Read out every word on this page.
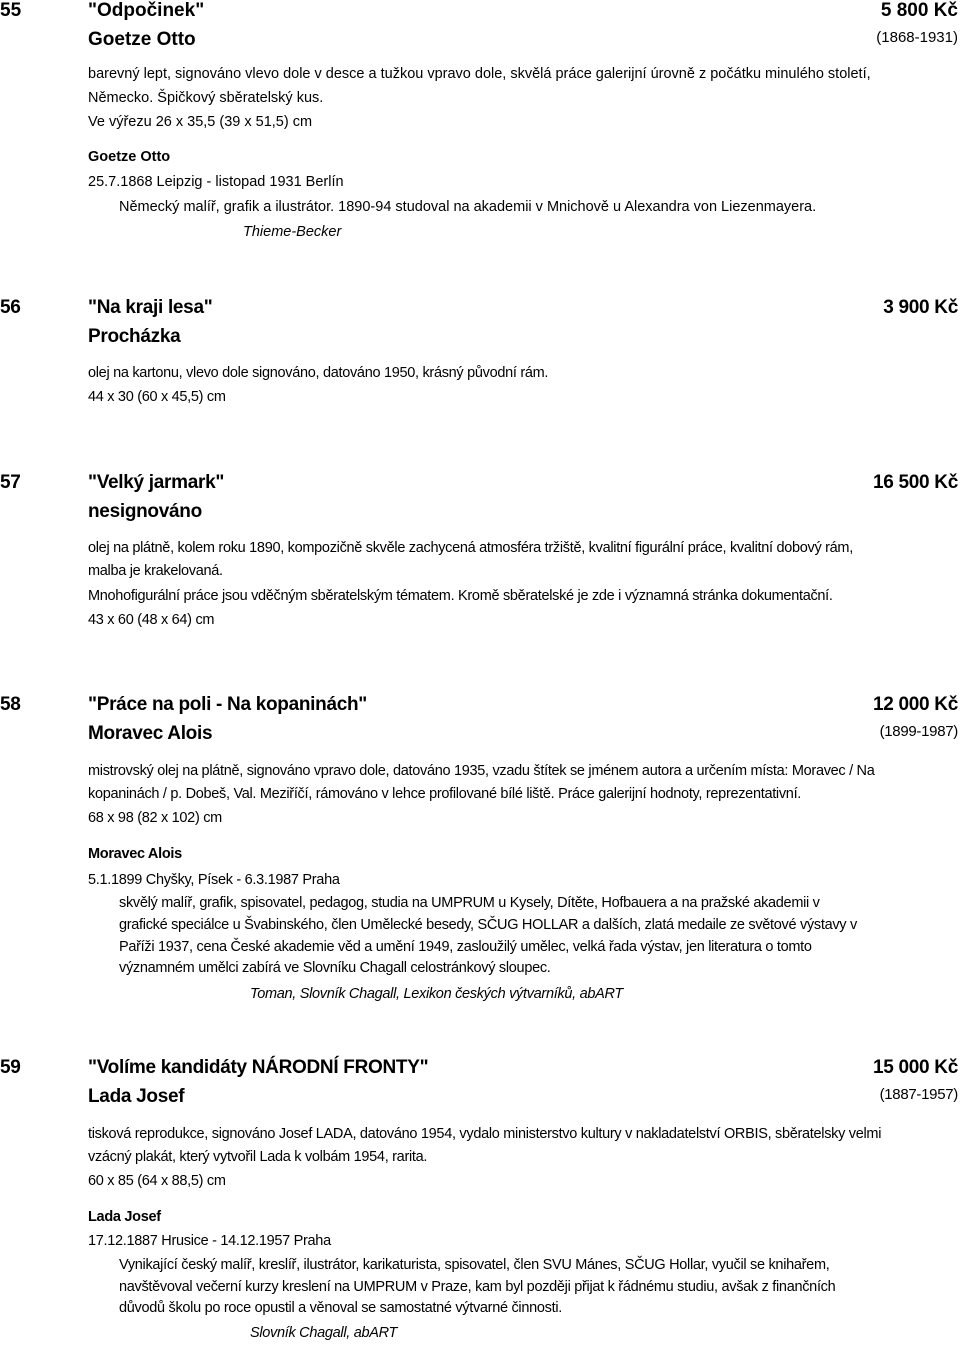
55	"Odpočinek"
Goetze Otto
5 800 Kč
(1868-1931)
barevný lept, signováno vlevo dole v desce a tužkou vpravo dole, skvělá práce galerijní úrovně z počátku minulého století,
Německo. Špičkový sběratelský kus.
Ve výřezu 26 x 35,5 (39 x 51,5) cm
Goetze Otto
25.7.1868 Leipzig - listopad 1931 Berlín
Německý malíř, grafik a ilustrátor. 1890-94 studoval na akademii v Mnichově u Alexandra von Liezenmayera.
Thieme-Becker
56	"Na kraji lesa"
Procházka
3 900 Kč
olej na kartonu, vlevo dole signováno, datováno 1950, krásný původní rám.
44 x 30 (60 x 45,5) cm
57	"Velký jarmark"
nesignováno
16 500 Kč
olej na plátně, kolem roku 1890, kompozičně skvěle zachycená atmosféra tržiště, kvalitní figurální práce, kvalitní dobový rám,
malba je krakelovaná.
Mnohofigurální práce jsou vděčným sběratelským tématem. Kromě sběratelské je zde i významná stránka dokumentační.
43 x 60 (48 x 64) cm
58	"Práce na poli - Na kopaninách"
Moravec Alois
12 000 Kč
(1899-1987)
mistrovský olej na plátně, signováno vpravo dole, datováno 1935, vzadu štítek se jménem autora a určením místa: Moravec / Na
kopaninách / p. Dobeš, Val. Meziříčí, rámováno v lehce profilované bílé liště. Práce galerijní hodnoty, reprezentativní.
68 x 98 (82 x 102) cm
Moravec Alois
5.1.1899 Chyšky, Písek - 6.3.1987 Praha
skvělý malíř, grafik, spisovatel, pedagog, studia na UMPRUM u Kysely, Dítěte, Hofbauera a na pražské akademii v
grafické speciálce u Švabinského, člen Umělecké besedy, SČUG HOLLAR a dalších, zlatá medaile ze světové výstavy v
Paříži 1937, cena České akademie věd a umění 1949, zasloužilý umělec, velká řada výstav, jen literatura o tomto
významném umělci zabírá ve Slovníku Chagall celostránkový sloupec.
Toman, Slovník Chagall, Lexikon českých výtvarníků, abART
59	"Volíme kandidáty NÁRODNÍ FRONTY"
Lada Josef
15 000 Kč
(1887-1957)
tisková reprodukce, signováno Josef LADA, datováno 1954, vydalo ministerstvo kultury v nakladatelství ORBIS, sběratelsky velmi
vzácný plakát, který vytvořil Lada k volbám 1954, rarita.
60 x 85 (64 x 88,5) cm
Lada Josef
17.12.1887 Hrusice - 14.12.1957 Praha
Vynikající český malíř, kreslíř, ilustrátor, karikaturista, spisovatel, člen SVU Mánes, SČUG Hollar, vyučil se knihařem,
navštěvoval večerní kurzy kreslení na UMPRUM v Praze, kam byl později přijat k řádnému studiu, avšak z finančních
důvodů školu po roce opustil a věnoval se samostatné výtvarné činnosti.
Slovník Chagall, abART
